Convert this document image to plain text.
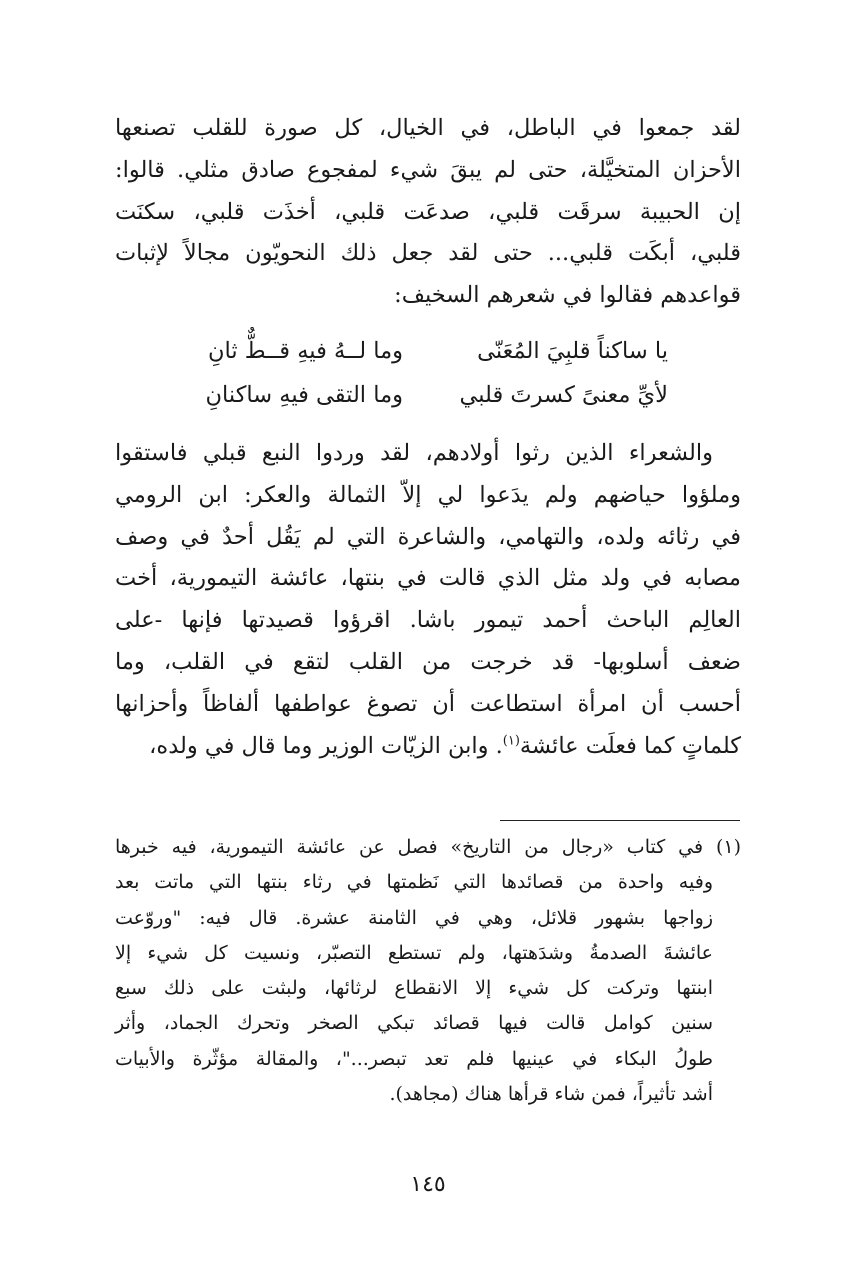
لقد جمعوا في الباطل، في الخيال، كل صورة للقلب تصنعها
الأحزان المتخيَّلة، حتى لم يبقَ شيء لمفجوع صادق مثلي. قالوا:
إن الحبيبة سرقَت قلبي، صدعَت قلبي، أخذَت قلبي، سكنَت
قلبي، أبكَت قلبي... حتى لقد جعل ذلك النحويّون مجالاً لإثبات
قواعدهم فقالوا في شعرهم السخيف:

يا ساكناً قلبِيَ المُعَنّى
وما لــهُ فيهِ قــطٌّ ثانِ
لأيِّ معنىً كسرتَ قلبي
وما التقى فيهِ ساكنانِ

والشعراء الذين رثوا أولادهم، لقد وردوا النبع قبلي فاستقوا
وملؤوا حياضهم ولم يدَعوا لي إلاّ الثمالة والعكر: ابن الرومي
في رثائه ولده، والتهامي، والشاعرة التي لم يَقُل أحدٌ في وصف
مصابه في ولد مثل الذي قالت في بنتها، عائشة التيمورية، أخت
العالِم الباحث أحمد تيمور باشا. اقرؤوا قصيدتها فإنها -على
ضعف أسلوبها- قد خرجت من القلب لتقع في القلب، وما
أحسب أن امرأة استطاعت أن تصوغ عواطفها ألفاظاً وأحزانها
كلماتٍ كما فعلَت عائشة$^{(١)}$. وابن الزيّات الوزير وما قال في ولده،

(١) في كتاب «رجال من التاريخ» فصل عن عائشة التيمورية، فيه خبرها
وفيه واحدة من قصائدها التي نَظمتها في رثاء بنتها التي ماتت بعد
زواجها بشهور قلائل، وهي في الثامنة عشرة. قال فيه: "وروّعت
عائشةَ الصدمةُ وشدَهتها، ولم تستطع التصبّر، ونسيت كل شيء إلا
ابنتها وتركت كل شيء إلا الانقطاع لرثائها، ولبثت على ذلك سبع
سنين كوامل قالت فيها قصائد تبكي الصخر وتحرك الجماد، وأثر
طولُ البكاء في عينيها فلم تعد تبصر..."، والمقالة مؤثّرة والأبيات
أشد تأثيراً، فمن شاء قرأها هناك (مجاهد).
١٤٥
